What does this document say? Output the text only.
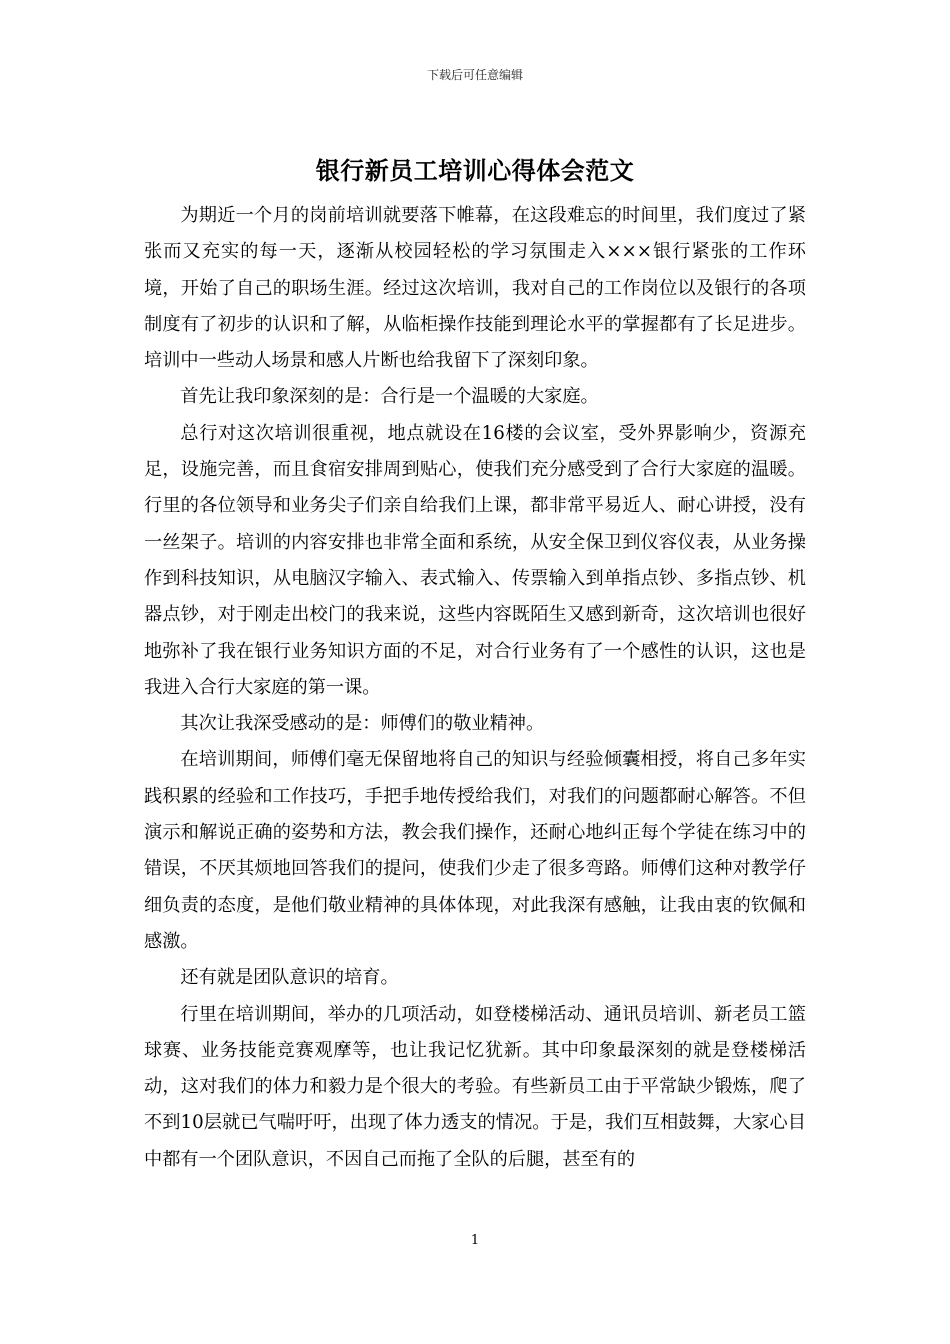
下载后可任意编辑
银行新员工培训心得体会范文

为期近一个月的岗前培训就要落下帷幕，在这段难忘的时间里，我们度过了紧张而又充实的每一天，逐渐从校园轻松的学习氛围走入×××银行紧张的工作环境，开始了自己的职场生涯。经过这次培训，我对自己的工作岗位以及银行的各项制度有了初步的认识和了解，从临柜操作技能到理论水平的掌握都有了长足进步。培训中一些动人场景和感人片断也给我留下了深刻印象。

首先让我印象深刻的是：合行是一个温暖的大家庭。

总行对这次培训很重视，地点就设在16楼的会议室，受外界影响少，资源充足，设施完善，而且食宿安排周到贴心，使我们充分感受到了合行大家庭的温暖。行里的各位领导和业务尖子们亲自给我们上课，都非常平易近人、耐心讲授，没有一丝架子。培训的内容安排也非常全面和系统，从安全保卫到仪容仪表，从业务操作到科技知识，从电脑汉字输入、表式输入、传票输入到单指点钞、多指点钞、机器点钞，对于刚走出校门的我来说，这些内容既陌生又感到新奇，这次培训也很好地弥补了我在银行业务知识方面的不足，对合行业务有了一个感性的认识，这也是我进入合行大家庭的第一课。

其次让我深受感动的是：师傅们的敬业精神。

在培训期间，师傅们毫无保留地将自己的知识与经验倾囊相授，将自己多年实践积累的经验和工作技巧，手把手地传授给我们，对我们的问题都耐心解答。不但演示和解说正确的姿势和方法，教会我们操作，还耐心地纠正每个学徒在练习中的错误，不厌其烦地回答我们的提问，使我们少走了很多弯路。师傅们这种对教学仔细负责的态度，是他们敬业精神的具体体现，对此我深有感触，让我由衷的钦佩和感激。

还有就是团队意识的培育。

行里在培训期间，举办的几项活动，如登楼梯活动、通讯员培训、新老员工篮球赛、业务技能竞赛观摩等，也让我记忆犹新。其中印象最深刻的就是登楼梯活动，这对我们的体力和毅力是个很大的考验。有些新员工由于平常缺少锻炼，爬了不到10层就已气喘吁吁，出现了体力透支的情况。于是，我们互相鼓舞，大家心目中都有一个团队意识，不因自己而拖了全队的后腿，甚至有的

1
